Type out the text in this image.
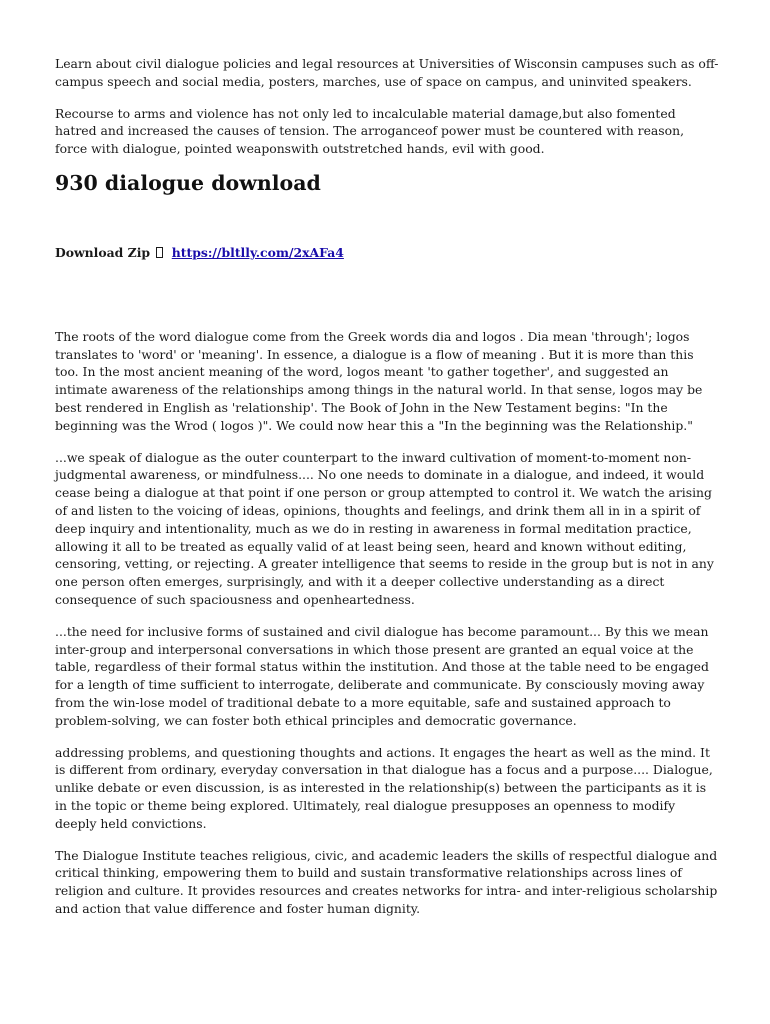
Learn about civil dialogue policies and legal resources at Universities of Wisconsin campuses such as off-campus speech and social media, posters, marches, use of space on campus, and uninvited speakers.

Recourse to arms and violence has not only led to incalculable material damage,but also fomented hatred and increased the causes of tension. The arroganceof power must be countered with reason, force with dialogue, pointed weaponswith outstretched hands, evil with good.

930 dialogue download
Download Zip https://bltlly.com/2xAFa4

The roots of the word dialogue come from the Greek words dia and logos . Dia mean 'through'; logos translates to 'word' or 'meaning'. In essence, a dialogue is a flow of meaning . But it is more than this too. In the most ancient meaning of the word, logos meant 'to gather together', and suggested an intimate awareness of the relationships among things in the natural world. In that sense, logos may be best rendered in English as 'relationship'. The Book of John in the New Testament begins: "In the beginning was the Wrod ( logos )". We could now hear this a "In the beginning was the Relationship."

...we speak of dialogue as the outer counterpart to the inward cultivation of moment-to-moment non-judgmental awareness, or mindfulness.... No one needs to dominate in a dialogue, and indeed, it would cease being a dialogue at that point if one person or group attempted to control it. We watch the arising of and listen to the voicing of ideas, opinions, thoughts and feelings, and drink them all in in a spirit of deep inquiry and intentionality, much as we do in resting in awareness in formal meditation practice, allowing it all to be treated as equally valid of at least being seen, heard and known without editing, censoring, vetting, or rejecting. A greater intelligence that seems to reside in the group but is not in any one person often emerges, surprisingly, and with it a deeper collective understanding as a direct consequence of such spaciousness and openheartedness.

...the need for inclusive forms of sustained and civil dialogue has become paramount... By this we mean inter-group and interpersonal conversations in which those present are granted an equal voice at the table, regardless of their formal status within the institution. And those at the table need to be engaged for a length of time sufficient to interrogate, deliberate and communicate. By consciously moving away from the win-lose model of traditional debate to a more equitable, safe and sustained approach to problem-solving, we can foster both ethical principles and democratic governance.

addressing problems, and questioning thoughts and actions. It engages the heart as well as the mind. It is different from ordinary, everyday conversation in that dialogue has a focus and a purpose.... Dialogue, unlike debate or even discussion, is as interested in the relationship(s) between the participants as it is in the topic or theme being explored. Ultimately, real dialogue presupposes an openness to modify deeply held convictions.

The Dialogue Institute teaches religious, civic, and academic leaders the skills of respectful dialogue and critical thinking, empowering them to build and sustain transformative relationships across lines of religion and culture. It provides resources and creates networks for intra- and inter-religious scholarship and action that value difference and foster human dignity.
